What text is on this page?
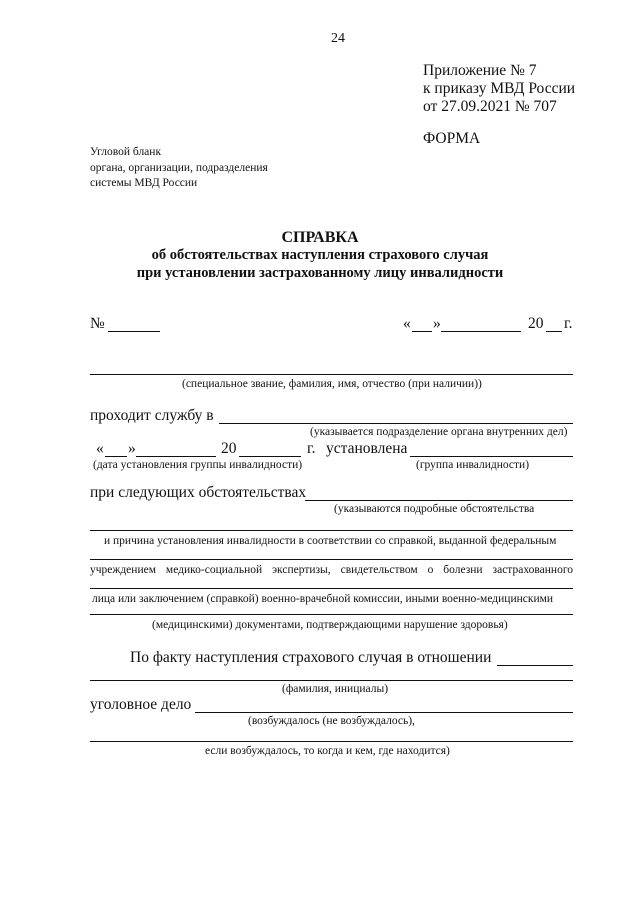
24
Приложение № 7
к приказу МВД России
от 27.09.2021 № 707
ФОРМА
Угловой бланк
органа, организации, подразделения
системы МВД России
СПРАВКА
об обстоятельствах наступления страхового случая
при установлении застрахованному лицу инвалидности
№	« »	20 г.
(специальное звание, фамилия, имя, отчество (при наличии))
проходит службу в
(указывается подразделение органа внутренних дел)
« »	20	г. установлена
(дата установления группы инвалидности)	(группа инвалидности)
при следующих обстоятельствах
(указываются подробные обстоятельства
и причина установления инвалидности в соответствии со справкой, выданной федеральным
учреждением медико-социальной экспертизы, свидетельством о болезни застрахованного
лица или заключением (справкой) военно-врачебной комиссии, иными военно-медицинскими
(медицинскими) документами, подтверждающими нарушение здоровья)
По факту наступления страхового случая в отношении
(фамилия, инициалы)
уголовное дело
(возбуждалось (не возбуждалось),
если возбуждалось, то когда и кем, где находится)
